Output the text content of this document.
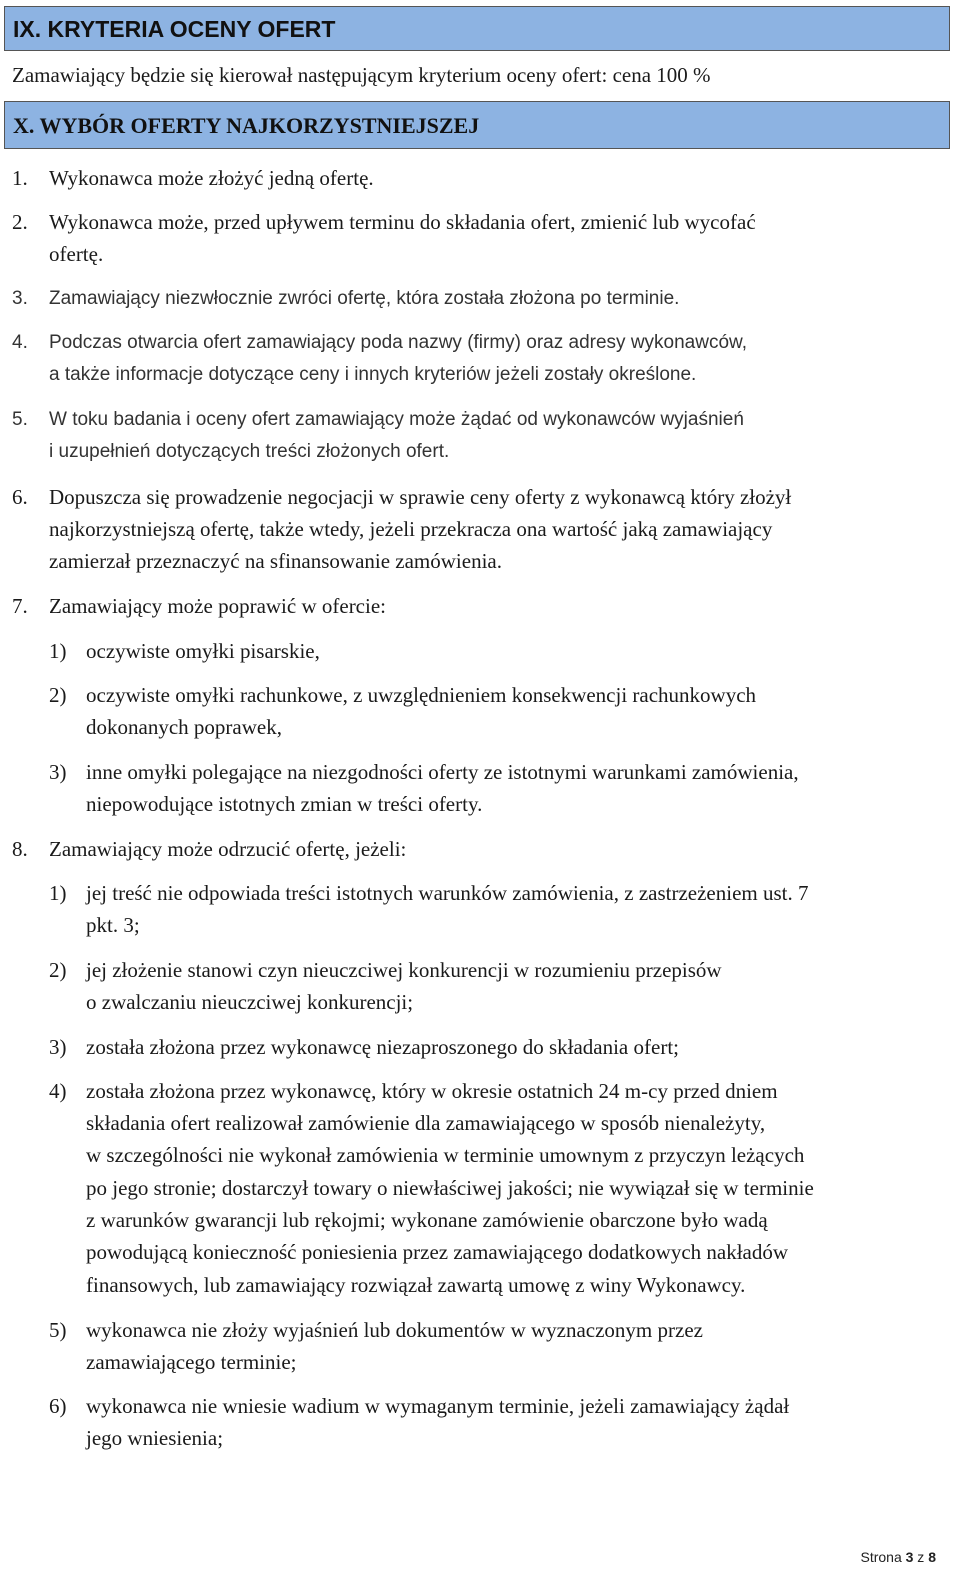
IX. KRYTERIA OCENY OFERT
Zamawiający będzie się kierował następującym kryterium oceny ofert: cena 100 %
X. WYBÓR OFERTY NAJKORZYSTNIEJSZEJ
1. Wykonawca może złożyć jedną ofertę.
2. Wykonawca może, przed upływem terminu do składania ofert, zmienić lub wycofać
ofertę.
3. Zamawiający niezwłocznie zwróci ofertę, która została złożona po terminie.
4. Podczas otwarcia ofert zamawiający poda nazwy (firmy) oraz adresy wykonawców,
a także informacje dotyczące ceny i innych kryteriów jeżeli zostały określone.
5. W toku badania i oceny ofert zamawiający może żądać od wykonawców wyjaśnień
i uzupełnień dotyczących treści złożonych ofert.
6. Dopuszcza się prowadzenie negocjacji w sprawie ceny oferty z wykonawcą który złożył
najkorzystniejszą ofertę, także wtedy, jeżeli przekracza ona wartość jaką zamawiający
zamierzał przeznaczyć na sfinansowanie zamówienia.
7. Zamawiający może poprawić w ofercie:
1) oczywiste omyłki pisarskie,
2) oczywiste omyłki rachunkowe, z uwzględnieniem konsekwencji rachunkowych
dokonanych poprawek,
3) inne omyłki polegające na niezgodności oferty ze istotnymi warunkami zamówienia,
niepowodujące istotnych zmian w treści oferty.
8. Zamawiający może odrzucić ofertę, jeżeli:
1) jej treść nie odpowiada treści istotnych warunków zamówienia, z zastrzeżeniem ust. 7
pkt. 3;
2) jej złożenie stanowi czyn nieuczciwej konkurencji w rozumieniu przepisów
o zwalczaniu nieuczciwej konkurencji;
3) została złożona przez wykonawcę niezaproszonego do składania ofert;
4) została złożona przez wykonawcę, który w okresie ostatnich 24 m-cy przed dniem
składania ofert realizował zamówienie dla zamawiającego w sposób nienależyty,
w szczególności nie wykonał zamówienia w terminie umownym z przyczyn leżących
po jego stronie; dostarczył towary o niewłaściwej jakości; nie wywiązał się w terminie
z warunków gwarancji lub rękojmi; wykonane zamówienie obarczone było wadą
powodującą konieczność poniesienia przez zamawiającego dodatkowych nakładów
finansowych, lub zamawiający rozwiązał zawartą umowę z winy Wykonawcy.
5) wykonawca nie złoży wyjaśnień lub dokumentów w wyznaczonym przez
zamawiającego terminie;
6) wykonawca nie wniesie wadium w wymaganym terminie, jeżeli zamawiający żądał
jego wniesienia;
Strona 3 z 8
